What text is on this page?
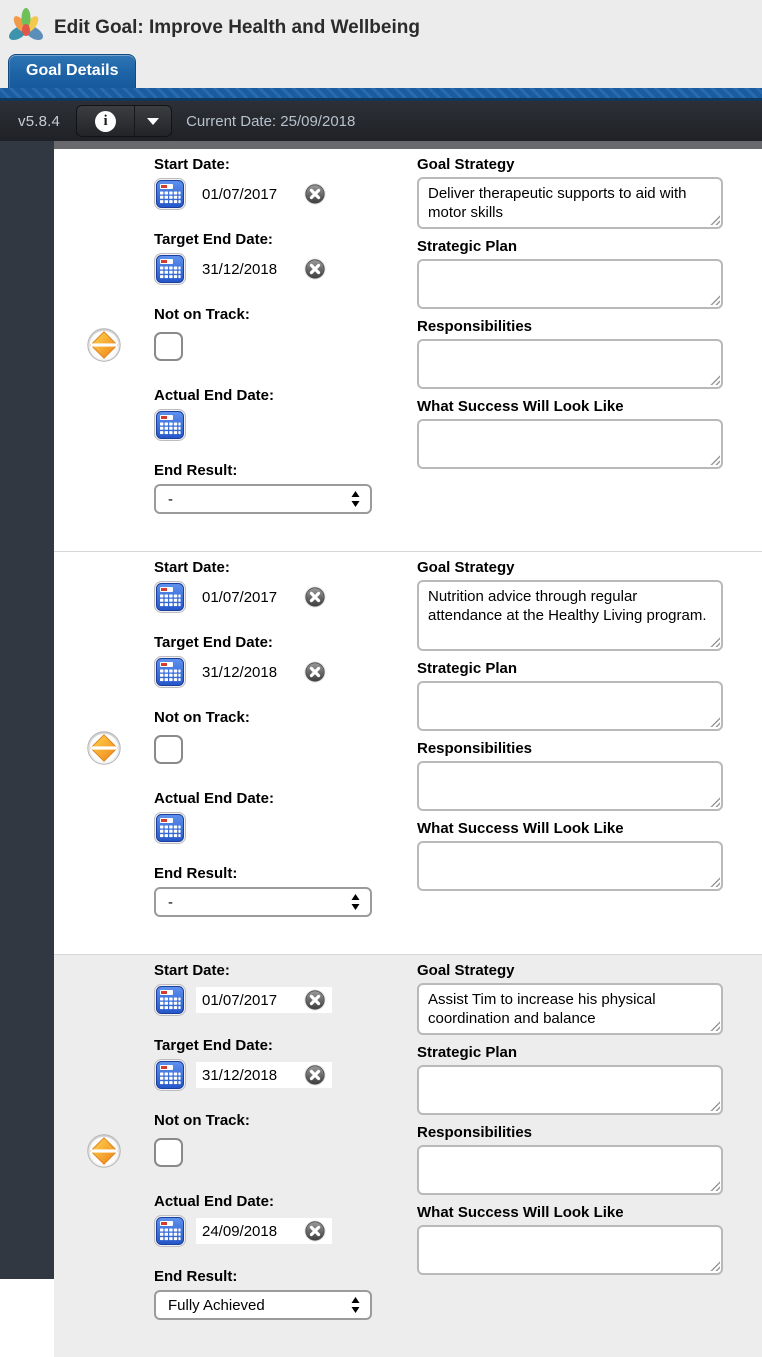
Edit Goal: Improve Health and Wellbeing
Goal Details
v5.8.4	i	Current Date: 25/09/2018
Start Date:
01/07/2017
Target End Date:
31/12/2018
Not on Track:
Actual End Date:
End Result:
-
Goal Strategy
Deliver therapeutic supports to aid with motor skills
Strategic Plan
Responsibilities
What Success Will Look Like
Start Date:
01/07/2017
Target End Date:
31/12/2018
Not on Track:
Actual End Date:
End Result:
-
Goal Strategy
Nutrition advice through regular attendance at the Healthy Living program.
Strategic Plan
Responsibilities
What Success Will Look Like
Start Date:
01/07/2017
Target End Date:
31/12/2018
Not on Track:
Actual End Date:
24/09/2018
End Result:
Fully Achieved
Goal Strategy
Assist Tim to increase his physical coordination and balance
Strategic Plan
Responsibilities
What Success Will Look Like
